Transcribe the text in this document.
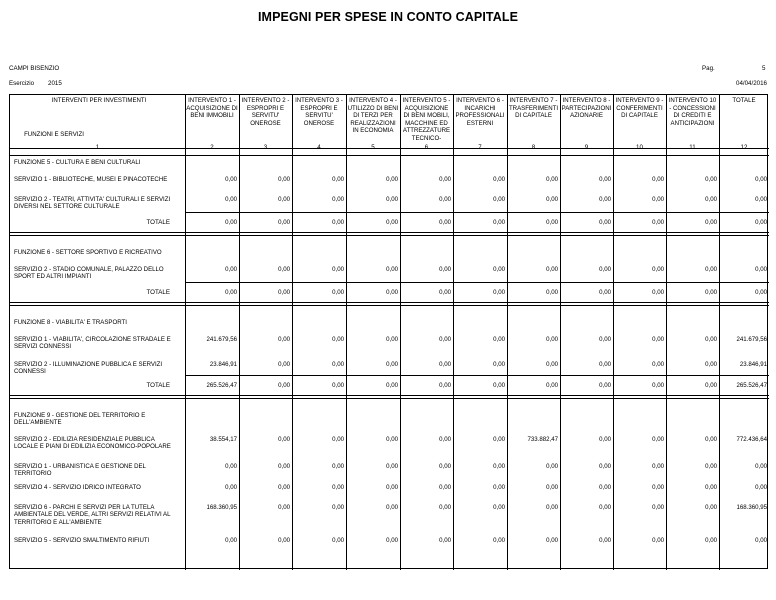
IMPEGNI PER SPESE IN CONTO CAPITALE
CAMPI BISENZIO	Pag.	5
Esercizio 2015	04/04/2016
INTERVENTI PER INVESTIMENTI
FUNZIONI E SERVIZI
INTERVENTO 1 - ACQUISIZIONE DI BENI IMMOBILI
INTERVENTO 2 - ESPROPRI E SERVITU' ONEROSE
INTERVENTO 3 - ESPROPRI E SERVITU' ONEROSE
INTERVENTO 4 - UTILIZZO DI BENI DI TERZI PER REALIZZAZIONI IN ECONOMIA
INTERVENTO 5 - ACQUISIZIONE DI BENI MOBILI, MACCHINE ED ATTREZZATURE TECNICO-
INTERVENTO 6 - INCARICHI PROFESSIONALI ESTERNI
INTERVENTO 7 - TRASFERIMENTI DI CAPITALE
INTERVENTO 8 - PARTECIPAZIONI AZIONARIE
INTERVENTO 9 - CONFERIMENTI DI CAPITALE
INTERVENTO 10 - CONCESSIONI DI CREDITI E ANTICIPAZIONI
TOTALE
1	2	3	4	5	6	7	8	9	10	11	12
FUNZIONE 5 - CULTURA E BENI CULTURALI
SERVIZIO 1 - BIBLIOTECHE, MUSEI E PINACOTECHE	0,00	0,00	0,00	0,00	0,00	0,00	0,00	0,00	0,00	0,00	0,00
SERVIZIO 2 - TEATRI, ATTIVITA' CULTURALI E SERVIZI DIVERSI NEL SETTORE CULTURALE
0,00	0,00	0,00	0,00	0,00	0,00	0,00	0,00	0,00	0,00	0,00
TOTALE	0,00	0,00	0,00	0,00	0,00	0,00	0,00	0,00	0,00	0,00	0,00
FUNZIONE 6 - SETTORE SPORTIVO E RICREATIVO
SERVIZIO 2 - STADIO COMUNALE, PALAZZO DELLO SPORT ED ALTRI IMPIANTI
0,00	0,00	0,00	0,00	0,00	0,00	0,00	0,00	0,00	0,00	0,00
TOTALE	0,00	0,00	0,00	0,00	0,00	0,00	0,00	0,00	0,00	0,00	0,00
FUNZIONE 8 - VIABILITA' E TRASPORTI
SERVIZIO 1 - VIABILITA', CIRCOLAZIONE STRADALE E SERVIZI CONNESSI
241.679,56	0,00	0,00	0,00	0,00	0,00	0,00	0,00	0,00	0,00	241.679,56
SERVIZIO 2 - ILLUMINAZIONE PUBBLICA E SERVIZI CONNESSI
23.846,91	0,00	0,00	0,00	0,00	0,00	0,00	0,00	0,00	0,00	23.846,91
TOTALE	265.526,47	0,00	0,00	0,00	0,00	0,00	0,00	0,00	0,00	0,00	265.526,47
FUNZIONE 9 - GESTIONE DEL TERRITORIO E DELL'AMBIENTE
SERVIZIO 2 - EDILIZIA RESIDENZIALE PUBBLICA LOCALE E PIANI DI EDILIZIA ECONOMICO-POPOLARE
38.554,17	0,00	0,00	0,00	0,00	0,00	733.882,47	0,00	0,00	0,00	772.436,64
SERVIZIO 1 - URBANISTICA E GESTIONE DEL TERRITORIO
0,00	0,00	0,00	0,00	0,00	0,00	0,00	0,00	0,00	0,00	0,00
SERVIZIO 4 - SERVIZIO IDRICO INTEGRATO	0,00	0,00	0,00	0,00	0,00	0,00	0,00	0,00	0,00	0,00	0,00
SERVIZIO 6 - PARCHI E SERVIZI PER LA TUTELA AMBIENTALE DEL VERDE, ALTRI SERVIZI RELATIVI AL TERRITORIO E ALL'AMBIENTE
168.360,95	0,00	0,00	0,00	0,00	0,00	0,00	0,00	0,00	0,00	168.360,95
SERVIZIO 5 - SERVIZIO SMALTIMENTO RIFIUTI	0,00	0,00	0,00	0,00	0,00	0,00	0,00	0,00	0,00	0,00	0,00
